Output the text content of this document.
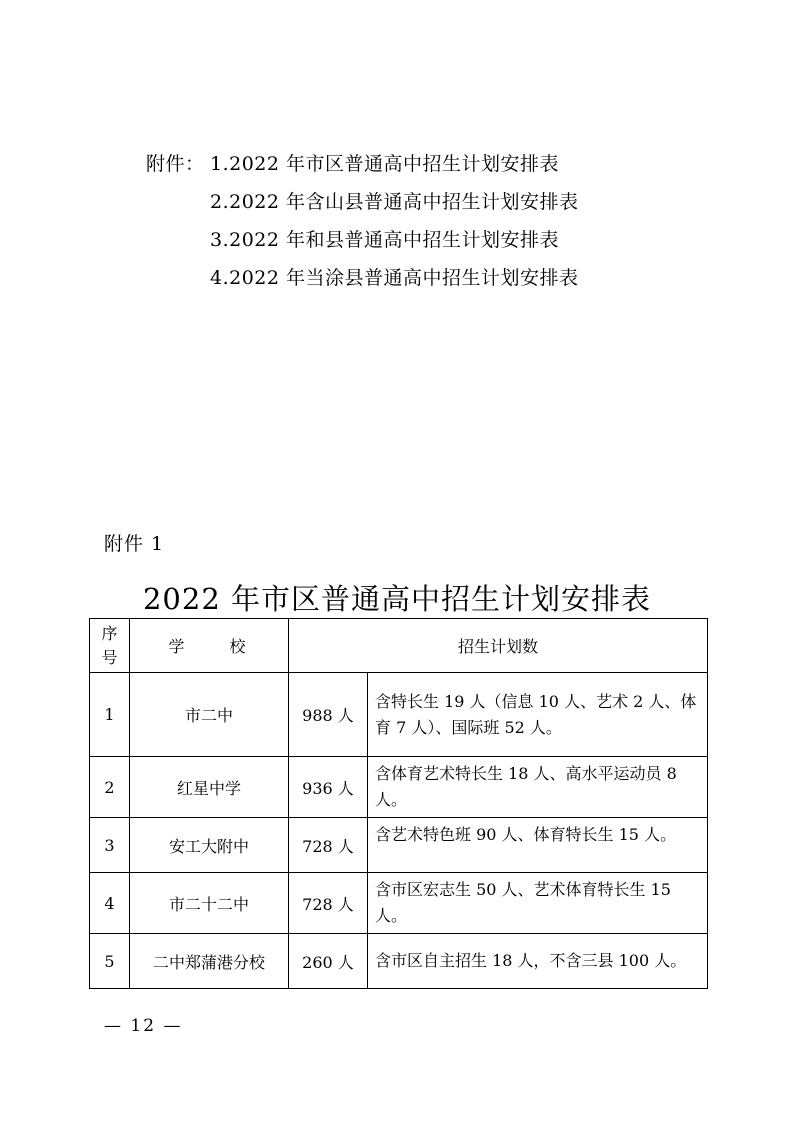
附件： 1.2022 年市区普通高中招生计划安排表
2.2022 年含山县普通高中招生计划安排表
3.2022 年和县普通高中招生计划安排表
4.2022 年当涂县普通高中招生计划安排表
附件 1
2022 年市区普通高中招生计划安排表
序
号	学 校	招生计划数	
1	市二中	988 人	含特长生 19 人（信息 10 人、艺术 2 人、体育 7 人）、国际班 52 人。
2	红星中学	936 人	含体育艺术特长生 18 人、高水平运动员 8 人。
3	安工大附中	728 人	含艺术特色班 90 人、体育特长生 15 人。
4	市二十二中	728 人	含市区宏志生 50 人、艺术体育特长生 15 人。
5	二中郑蒲港分校	260 人	含市区自主招生 18 人，不含三县 100 人。
— 12 —
